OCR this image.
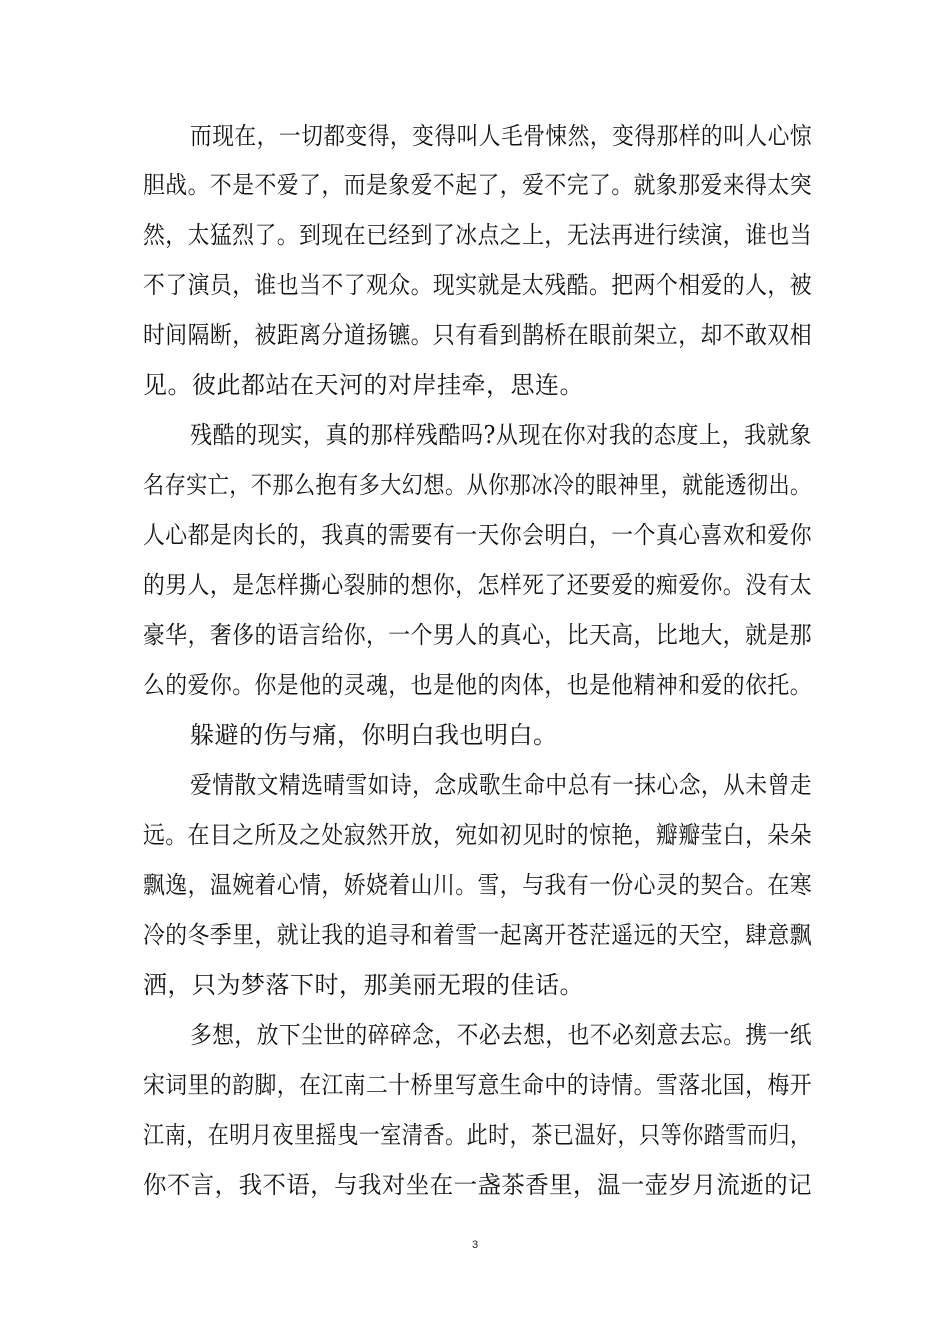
而现在，一切都变得，变得叫人毛骨悚然，变得那样的叫人心惊
胆战。不是不爱了，而是象爱不起了，爱不完了。就象那爱来得太突
然，太猛烈了。到现在已经到了冰点之上，无法再进行续演，谁也当
不了演员，谁也当不了观众。现实就是太残酷。把两个相爱的人，被
时间隔断，被距离分道扬镳。只有看到鹊桥在眼前架立，却不敢双相
见。彼此都站在天河的对岸挂牵，思连。
残酷的现实，真的那样残酷吗?从现在你对我的态度上，我就象
名存实亡，不那么抱有多大幻想。从你那冰冷的眼神里，就能透彻出。
人心都是肉长的，我真的需要有一天你会明白，一个真心喜欢和爱你
的男人，是怎样撕心裂肺的想你，怎样死了还要爱的痴爱你。没有太
豪华，奢侈的语言给你，一个男人的真心，比天高，比地大，就是那
么的爱你。你是他的灵魂，也是他的肉体，也是他精神和爱的依托。
躲避的伤与痛，你明白我也明白。
爱情散文精选晴雪如诗，念成歌生命中总有一抹心念，从未曾走
远。在目之所及之处寂然开放，宛如初见时的惊艳，瓣瓣莹白，朵朵
飘逸，温婉着心情，娇娆着山川。雪，与我有一份心灵的契合。在寒
冷的冬季里，就让我的追寻和着雪一起离开苍茫遥远的天空，肆意飘
洒，只为梦落下时，那美丽无瑕的佳话。
多想，放下尘世的碎碎念，不必去想，也不必刻意去忘。携一纸
宋词里的韵脚，在江南二十桥里写意生命中的诗情。雪落北国，梅开
江南，在明月夜里摇曳一室清香。此时，茶已温好，只等你踏雪而归，
你不言，我不语，与我对坐在一盏茶香里，温一壶岁月流逝的记
3
